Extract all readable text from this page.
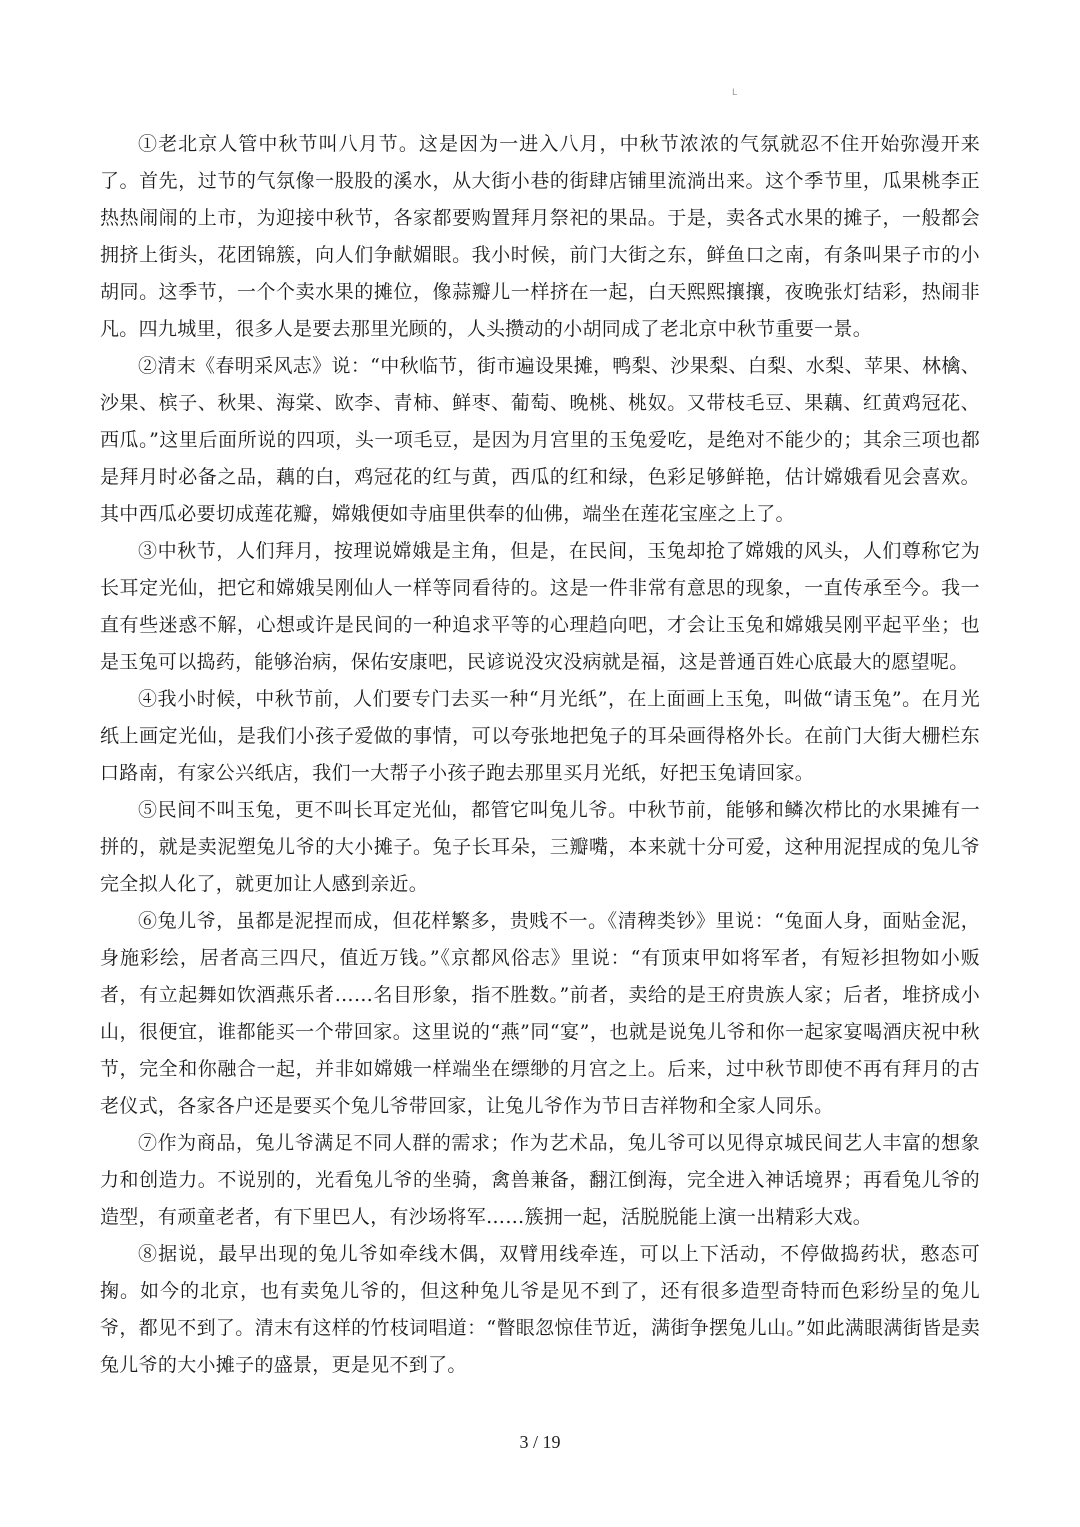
L

①老北京人管中秋节叫八月节。这是因为一进入八月，中秋节浓浓的气氛就忍不住开始弥漫开来了。首先，过节的气氛像一股股的溪水，从大街小巷的街肆店铺里流淌出来。这个季节里，瓜果桃李正热热闹闹的上市，为迎接中秋节，各家都要购置拜月祭祀的果品。于是，卖各式水果的摊子，一般都会拥挤上街头，花团锦簇，向人们争献媚眼。我小时候，前门大街之东，鲜鱼口之南，有条叫果子市的小胡同。这季节，一个个卖水果的摊位，像蒜瓣儿一样挤在一起，白天熙熙攘攘，夜晚张灯结彩，热闹非凡。四九城里，很多人是要去那里光顾的，人头攒动的小胡同成了老北京中秋节重要一景。

②清末《春明采风志》说：“中秋临节，街市遍设果摊，鸭梨、沙果梨、白梨、水梨、苹果、林檎、沙果、槟子、秋果、海棠、欧李、青柿、鲜枣、葡萄、晚桃、桃奴。又带枝毛豆、果藕、红黄鸡冠花、西瓜。”这里后面所说的四项，头一项毛豆，是因为月宫里的玉兔爱吃，是绝对不能少的；其余三项也都是拜月时必备之品，藕的白，鸡冠花的红与黄，西瓜的红和绿，色彩足够鲜艳，估计嫦娥看见会喜欢。其中西瓜必要切成莲花瓣，嫦娥便如寺庙里供奉的仙佛，端坐在莲花宝座之上了。

③中秋节，人们拜月，按理说嫦娥是主角，但是，在民间，玉兔却抢了嫦娥的风头，人们尊称它为长耳定光仙，把它和嫦娥吴刚仙人一样等同看待的。这是一件非常有意思的现象，一直传承至今。我一直有些迷惑不解，心想或许是民间的一种追求平等的心理趋向吧，才会让玉兔和嫦娥吴刚平起平坐；也是玉兔可以捣药，能够治病，保佑安康吧，民谚说没灾没病就是福，这是普通百姓心底最大的愿望呢。

④我小时候，中秋节前，人们要专门去买一种“月光纸”，在上面画上玉兔，叫做“请玉兔”。在月光纸上画定光仙，是我们小孩子爱做的事情，可以夸张地把兔子的耳朵画得格外长。在前门大街大栅栏东口路南，有家公兴纸店，我们一大帮子小孩子跑去那里买月光纸，好把玉兔请回家。

⑤民间不叫玉兔，更不叫长耳定光仙，都管它叫兔儿爷。中秋节前，能够和鳞次栉比的水果摊有一拼的，就是卖泥塑兔儿爷的大小摊子。兔子长耳朵，三瓣嘴，本来就十分可爱，这种用泥捏成的兔儿爷完全拟人化了，就更加让人感到亲近。

⑥兔儿爷，虽都是泥捏而成，但花样繁多，贵贱不一。《清稗类钞》里说：“兔面人身，面贴金泥，身施彩绘，居者高三四尺，值近万钱。”《京都风俗志》里说：“有顶束甲如将军者，有短衫担物如小贩者，有立起舞如饮酒燕乐者……名目形象，指不胜数。”前者，卖给的是王府贵族人家；后者，堆挤成小山，很便宜，谁都能买一个带回家。这里说的“燕”同“宴”，也就是说兔儿爷和你一起家宴喝酒庆祝中秋节，完全和你融合一起，并非如嫦娥一样端坐在缥缈的月宫之上。后来，过中秋节即使不再有拜月的古老仪式，各家各户还是要买个兔儿爷带回家，让兔儿爷作为节日吉祥物和全家人同乐。

⑦作为商品，兔儿爷满足不同人群的需求；作为艺术品，兔儿爷可以见得京城民间艺人丰富的想象力和创造力。不说别的，光看兔儿爷的坐骑，禽兽兼备，翻江倒海，完全进入神话境界；再看兔儿爷的造型，有顽童老者，有下里巴人，有沙场将军……簇拥一起，活脱脱能上演一出精彩大戏。

⑧据说，最早出现的兔儿爷如牵线木偶，双臂用线牵连，可以上下活动，不停做捣药状，憨态可掬。如今的北京，也有卖兔儿爷的，但这种兔儿爷是见不到了，还有很多造型奇特而色彩纷呈的兔儿爷，都见不到了。清末有这样的竹枝词唱道：“瞥眼忽惊佳节近，满街争摆兔儿山。”如此满眼满街皆是卖兔儿爷的大小摊子的盛景，更是见不到了。

3 / 19
